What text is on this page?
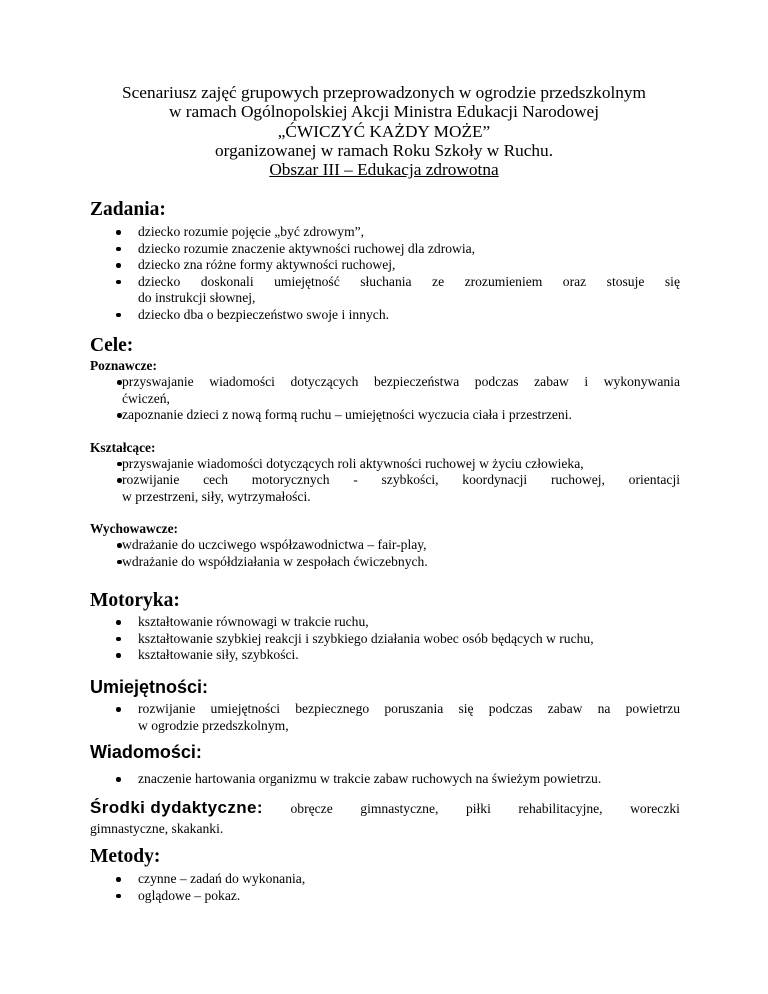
Scenariusz zajęć grupowych przeprowadzonych w ogrodzie przedszkolnym
w ramach Ogólnopolskiej Akcji Ministra Edukacji Narodowej
„ĆWICZYĆ KAŻDY MOŻE”
organizowanej w ramach Roku Szkoły w Ruchu.
Obszar III – Edukacja zdrowotna

Zadania:

dziecko rozumie pojęcie „być zdrowym”,
dziecko rozumie znaczenie aktywności ruchowej dla zdrowia,
dziecko zna różne formy aktywności ruchowej,
dziecko doskonali umiejętność słuchania ze zrozumieniem oraz stosuje się
do instrukcji słownej,
dziecko dba o bezpieczeństwo swoje i innych.

Cele:

Poznawcze:

przyswajanie wiadomości dotyczących bezpieczeństwa podczas zabaw i wykonywania
ćwiczeń,
zapoznanie dzieci z nową formą ruchu – umiejętności wyczucia ciała i przestrzeni.

Kształcące:

przyswajanie wiadomości dotyczących roli aktywności ruchowej w życiu człowieka,
rozwijanie cech motorycznych - szybkości, koordynacji ruchowej, orientacji
w przestrzeni, siły, wytrzymałości.

Wychowawcze:

wdrażanie do uczciwego współzawodnictwa – fair-play,
wdrażanie do współdziałania w zespołach ćwiczebnych.

Motoryka:

kształtowanie równowagi w trakcie ruchu,
kształtowanie szybkiej reakcji i szybkiego działania wobec osób będących w ruchu,
kształtowanie siły, szybkości.

Umiejętności:

rozwijanie umiejętności bezpiecznego poruszania się podczas zabaw na powietrzu
w ogrodzie przedszkolnym,

Wiadomości:

znaczenie hartowania organizmu w trakcie zabaw ruchowych na świeżym powietrzu.
Środki dydaktyczne: obręcze gimnastyczne, piłki rehabilitacyjne, woreczki
gimnastyczne, skakanki.

Metody:

czynne – zadań do wykonania,
oglądowe – pokaz.
